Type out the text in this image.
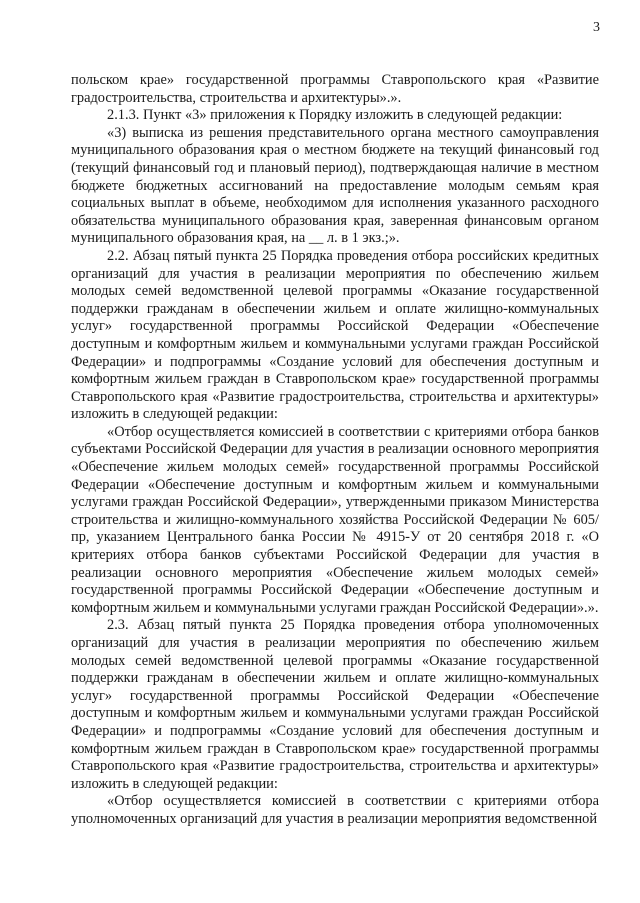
3

польском крае» государственной программы Ставропольского края «Развитие градостроительства, строительства и архитектуры».».

2.1.3. Пункт «3» приложения к Порядку изложить в следующей редакции:

«3) выписка из решения представительного органа местного самоуправления муниципального образования края о местном бюджете на текущий финансовый год (текущий финансовый год и плановый период), подтверждающая наличие в местном бюджете бюджетных ассигнований на предоставление молодым семьям края социальных выплат в объеме, необходимом для исполнения указанного расходного обязательства муниципального образования края, заверенная финансовым органом муниципального образования края, на __ л. в 1 экз.;».

2.2. Абзац пятый пункта 25 Порядка проведения отбора российских кредитных организаций для участия в реализации мероприятия по обеспечению жильем молодых семей ведомственной целевой программы «Оказание государственной поддержки гражданам в обеспечении жильем и оплате жилищно-коммунальных услуг» государственной программы Российской Федерации «Обеспечение доступным и комфортным жильем и коммунальными услугами граждан Российской Федерации» и подпрограммы «Создание условий для обеспечения доступным и комфортным жильем граждан в Ставропольском крае» государственной программы Ставропольского края «Развитие градостроительства, строительства и архитектуры» изложить в следующей редакции:

«Отбор осуществляется комиссией в соответствии с критериями отбора банков субъектами Российской Федерации для участия в реализации основного мероприятия «Обеспечение жильем молодых семей» государственной программы Российской Федерации «Обеспечение доступным и комфортным жильем и коммунальными услугами граждан Российской Федерации», утвержденными приказом Министерства строительства и жилищно-коммунального хозяйства Российской Федерации № 605/пр, указанием Центрального банка России № 4915-У от 20 сентября 2018 г. «О критериях отбора банков субъектами Российской Федерации для участия в реализации основного мероприятия «Обеспечение жильем молодых семей» государственной программы Российской Федерации «Обеспечение доступным и комфортным жильем и коммунальными услугами граждан Российской Федерации».».

2.3. Абзац пятый пункта 25 Порядка проведения отбора уполномоченных организаций для участия в реализации мероприятия по обеспечению жильем молодых семей ведомственной целевой программы «Оказание государственной поддержки гражданам в обеспечении жильем и оплате жилищно-коммунальных услуг» государственной программы Российской Федерации «Обеспечение доступным и комфортным жильем и коммунальными услугами граждан Российской Федерации» и подпрограммы «Создание условий для обеспечения доступным и комфортным жильем граждан в Ставропольском крае» государственной программы Ставропольского края «Развитие градостроительства, строительства и архитектуры» изложить в следующей редакции:

«Отбор осуществляется комиссией в соответствии с критериями отбора уполномоченных организаций для участия в реализации мероприятия ведомственной
